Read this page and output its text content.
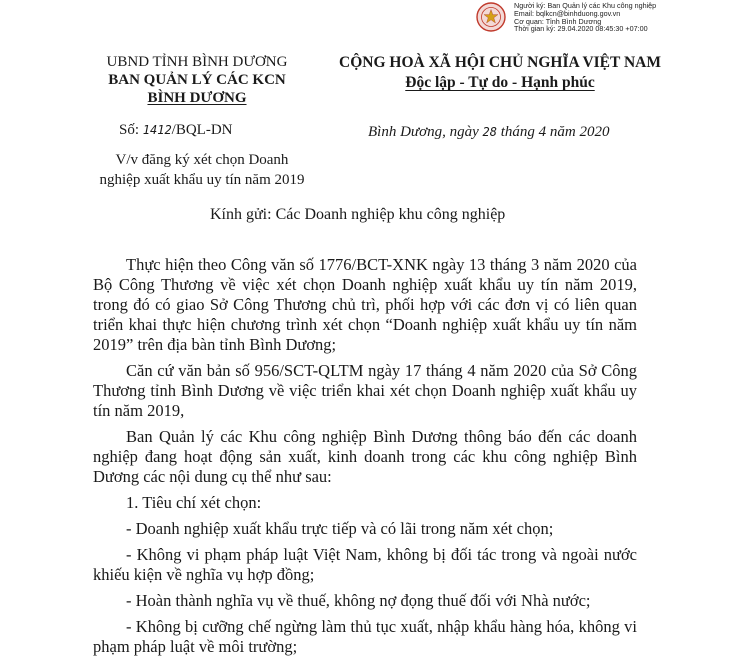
Người ký: Ban Quản lý các Khu công nghiệp
Email: bqlkcn@binhduong.gov.vn
Cơ quan: Tỉnh Bình Dương
Thời gian ký: 29.04.2020 08:45:30 +07:00
UBND TỈNH BÌNH DƯƠNG
BAN QUẢN LÝ CÁC KCN
BÌNH DƯƠNG
CỘNG HOÀ XÃ HỘI CHỦ NGHĨA VIỆT NAM
Độc lập - Tự do - Hạnh phúc
Số: 1412/BQL-DN	Bình Dương, ngày 28 tháng 4 năm 2020
V/v đăng ký xét chọn Doanh
nghiệp xuất khẩu uy tín năm 2019
Kính gửi: Các Doanh nghiệp khu công nghiệp

Thực hiện theo Công văn số 1776/BCT-XNK ngày 13 tháng 3 năm 2020 của Bộ Công Thương về việc xét chọn Doanh nghiệp xuất khẩu uy tín năm 2019, trong đó có giao Sở Công Thương chủ trì, phối hợp với các đơn vị có liên quan triển khai thực hiện chương trình xét chọn “Doanh nghiệp xuất khẩu uy tín năm 2019” trên địa bàn tỉnh Bình Dương;

Căn cứ văn bản số 956/SCT-QLTM ngày 17 tháng 4 năm 2020 của Sở Công Thương tỉnh Bình Dương về việc triển khai xét chọn Doanh nghiệp xuất khẩu uy tín năm 2019,

Ban Quản lý các Khu công nghiệp Bình Dương thông báo đến các doanh nghiệp đang hoạt động sản xuất, kinh doanh trong các khu công nghiệp Bình Dương các nội dung cụ thể như sau:

1. Tiêu chí xét chọn:

- Doanh nghiệp xuất khẩu trực tiếp và có lãi trong năm xét chọn;

- Không vi phạm pháp luật Việt Nam, không bị đối tác trong và ngoài nước khiếu kiện về nghĩa vụ hợp đồng;

- Hoàn thành nghĩa vụ về thuế, không nợ đọng thuế đối với Nhà nước;

- Không bị cưỡng chế ngừng làm thủ tục xuất, nhập khẩu hàng hóa, không vi phạm pháp luật về môi trường;
